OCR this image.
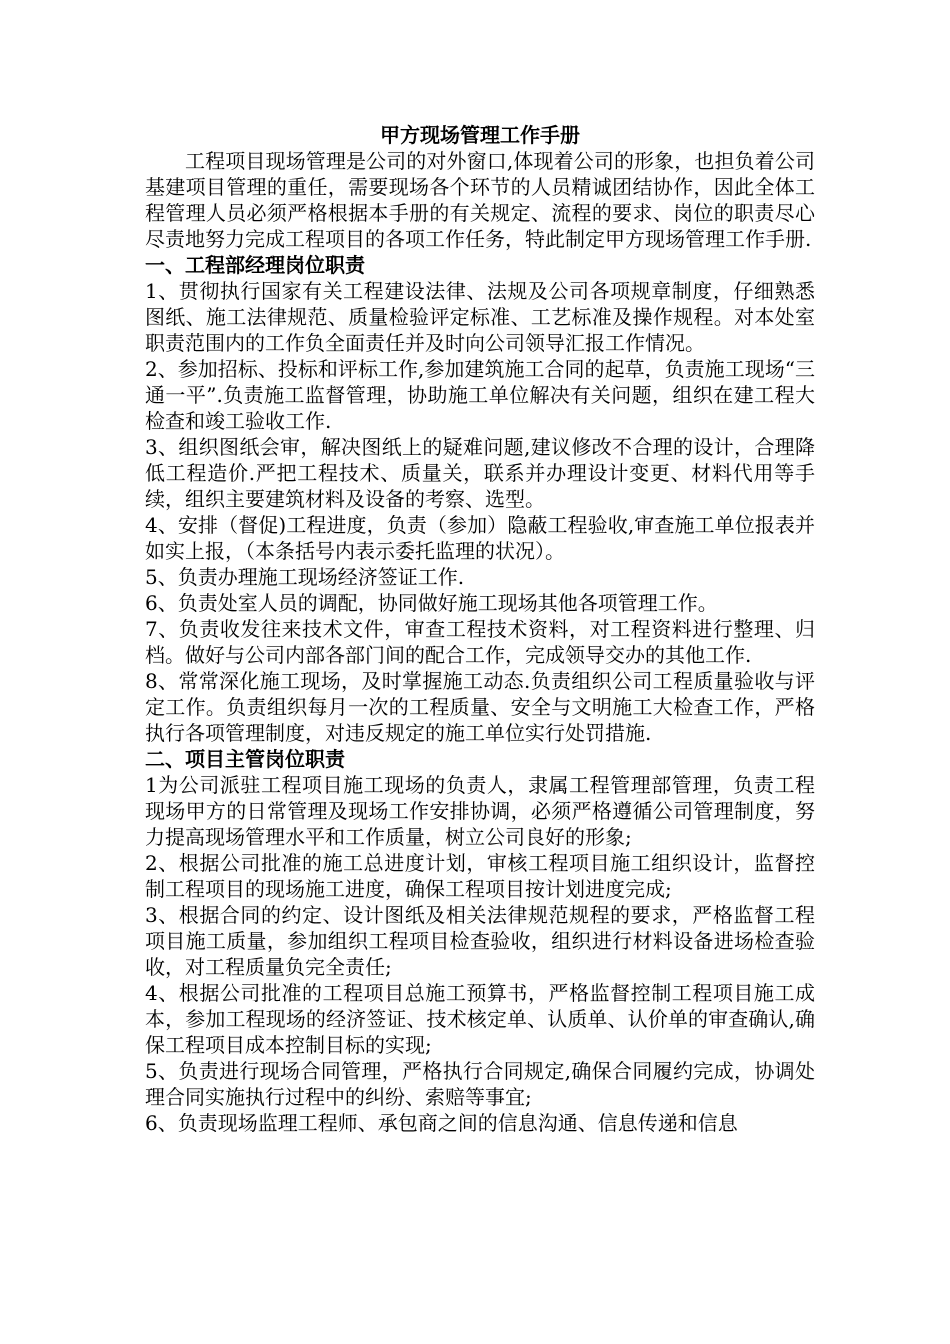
甲方现场管理工作手册

工程项目现场管理是公司的对外窗口,体现着公司的形象，也担负着公司基建项目管理的重任，需要现场各个环节的人员精诚团结协作，因此全体工程管理人员必须严格根据本手册的有关规定、流程的要求、岗位的职责尽心尽责地努力完成工程项目的各项工作任务，特此制定甲方现场管理工作手册.

一、工程部经理岗位职责

1、贯彻执行国家有关工程建设法律、法规及公司各项规章制度，仔细熟悉图纸、施工法律规范、质量检验评定标准、工艺标准及操作规程。对本处室职责范围内的工作负全面责任并及时向公司领导汇报工作情况。

2、参加招标、投标和评标工作,参加建筑施工合同的起草，负责施工现场“三通一平”.负责施工监督管理，协助施工单位解决有关问题，组织在建工程大检查和竣工验收工作.

3、组织图纸会审，解决图纸上的疑难问题,建议修改不合理的设计，合理降低工程造价.严把工程技术、质量关，联系并办理设计变更、材料代用等手续，组织主要建筑材料及设备的考察、选型。

4、安排（督促)工程进度，负责（参加）隐蔽工程验收,审查施工单位报表并如实上报，（本条括号内表示委托监理的状况）。

5、负责办理施工现场经济签证工作.

6、负责处室人员的调配，协同做好施工现场其他各项管理工作。

7、负责收发往来技术文件，审查工程技术资料，对工程资料进行整理、归档。做好与公司内部各部门间的配合工作，完成领导交办的其他工作.

8、常常深化施工现场，及时掌握施工动态.负责组织公司工程质量验收与评定工作。负责组织每月一次的工程质量、安全与文明施工大检查工作，严格执行各项管理制度，对违反规定的施工单位实行处罚措施.

二、项目主管岗位职责

1为公司派驻工程项目施工现场的负责人，隶属工程管理部管理，负责工程现场甲方的日常管理及现场工作安排协调，必须严格遵循公司管理制度，努力提高现场管理水平和工作质量，树立公司良好的形象;

2、根据公司批准的施工总进度计划，审核工程项目施工组织设计，监督控制工程项目的现场施工进度，确保工程项目按计划进度完成;

3、根据合同的约定、设计图纸及相关法律规范规程的要求，严格监督工程项目施工质量，参加组织工程项目检查验收，组织进行材料设备进场检查验收，对工程质量负完全责任;

4、根据公司批准的工程项目总施工预算书，严格监督控制工程项目施工成本，参加工程现场的经济签证、技术核定单、认质单、认价单的审查确认,确保工程项目成本控制目标的实现;

5、负责进行现场合同管理，严格执行合同规定,确保合同履约完成，协调处理合同实施执行过程中的纠纷、索赔等事宜;

6、负责现场监理工程师、承包商之间的信息沟通、信息传递和信息
